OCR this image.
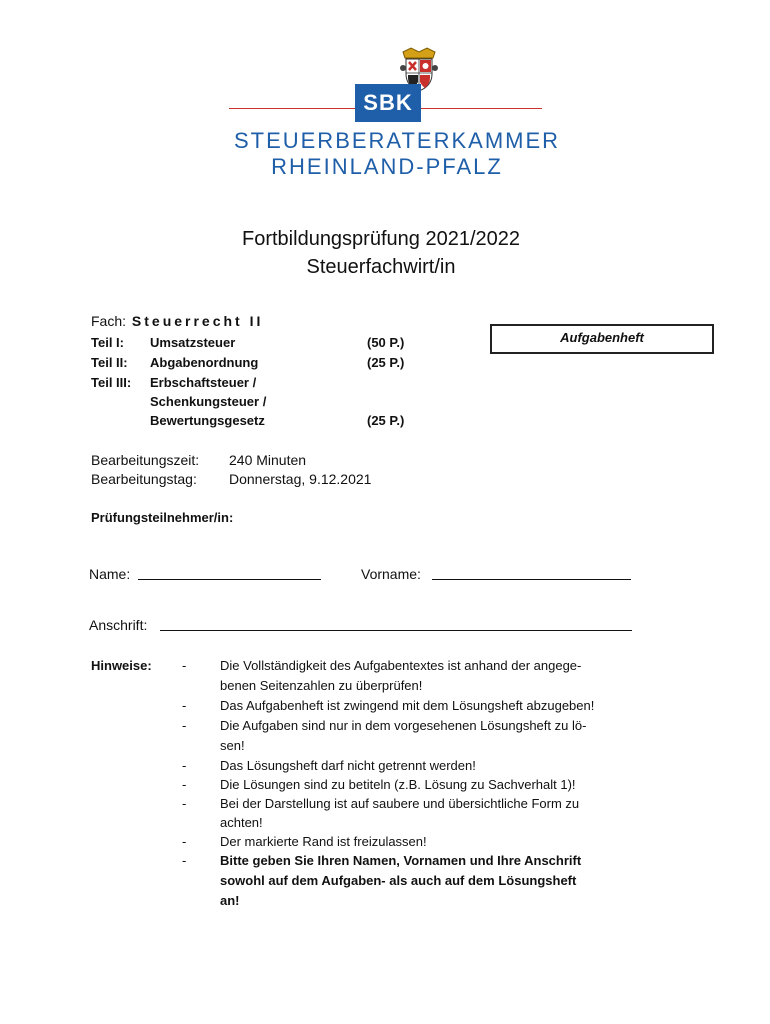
SBK
STEUERBERATERKAMMER
RHEINLAND-PFALZ
Fortbildungsprüfung 2021/2022
Steuerfachwirt/in
Fach: Steuerrecht II
Aufgabenheft
Teil I: Umsatzsteuer	(50 P.)
Teil II: Abgabenordnung	(25 P.)
Teil III: Erbschaftsteuer /
Schenkungsteuer /
Bewertungsgesetz	(25 P.)
Bearbeitungszeit: 240 Minuten
Bearbeitungstag: Donnerstag, 9.12.2021
Prüfungsteilnehmer/in:
Name:	Vorname:
Anschrift:
Hinweise: -	Die Vollständigkeit des Aufgabentextes ist anhand der angege-
benen Seitenzahlen zu überprüfen!
-	Das Aufgabenheft ist zwingend mit dem Lösungsheft abzugeben!
-	Die Aufgaben sind nur in dem vorgesehenen Lösungsheft zu lö-
sen!
-	Das Lösungsheft darf nicht getrennt werden!
-	Die Lösungen sind zu betiteln (z.B. Lösung zu Sachverhalt 1)!
-	Bei der Darstellung ist auf saubere und übersichtliche Form zu
achten!
-	Der markierte Rand ist freizulassen!
-	Bitte geben Sie Ihren Namen, Vornamen und Ihre Anschrift
sowohl auf dem Aufgaben- als auch auf dem Lösungsheft
an!
